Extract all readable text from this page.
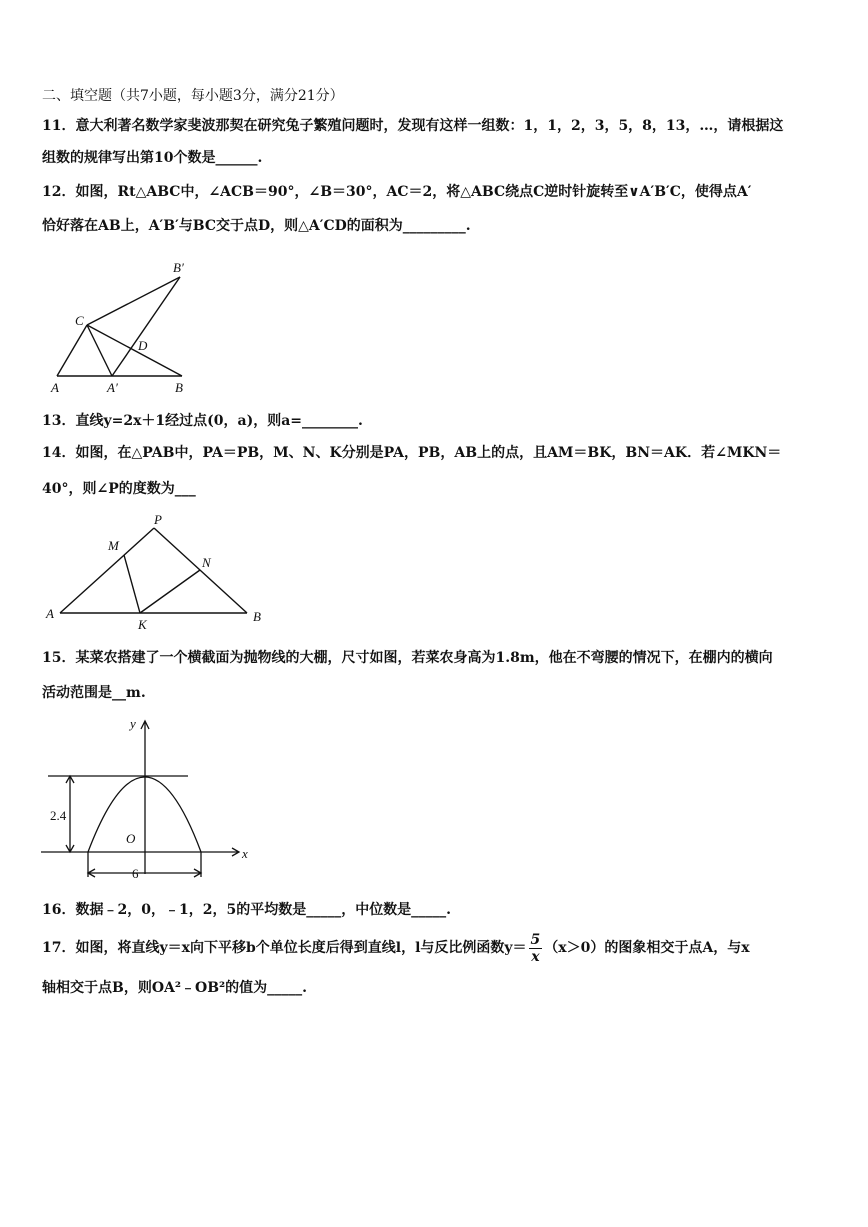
二、填空题（共7小题，每小题3分，满分21分）
11．意大利著名数学家斐波那契在研究兔子繁殖问题时，发现有这样一组数：1，1，2，3，5，8，13，…，请根据这
组数的规律写出第10个数是______.
12．如图，Rt△ABC中，∠ACB＝90°，∠B＝30°，AC＝2，将△ABC绕点C逆时针旋转至∨A′B′C，使得点A′
恰好落在AB上，A′B′与BC交于点D，则△A′CD的面积为_________.
B′
C
D
A	A′	B
13．直线y=2x＋1经过点(0，a)，则a=________.
14．如图，在△PAB中，PA＝PB，M、N、K分别是PA，PB，AB上的点，且AM＝BK，BN＝AK．若∠MKN＝
40°，则∠P的度数为___
P
M
N
A
K
B
15．某菜农搭建了一个横截面为抛物线的大棚，尺寸如图，若菜农身高为1.8m，他在不弯腰的情况下，在棚内的横向
活动范围是__m.
y
2.4
O
x
6
16．数据﹣2，0，﹣1，2，5的平均数是_____，中位数是_____.
17．如图，将直线y＝x向下平移b个单位长度后得到直线l，l与反比例函数$y= \frac{5}{x} (x>0)$的图象相交于点A，与x
轴相交于点B，则OA²﹣OB²的值为_____.
